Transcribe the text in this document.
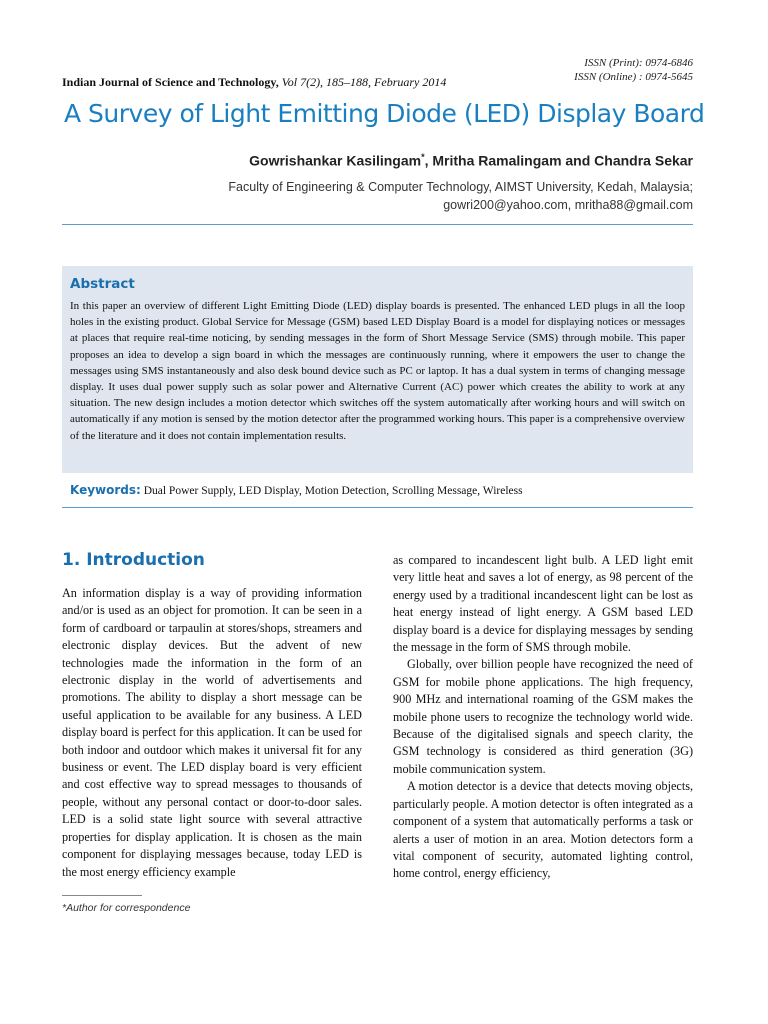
ISSN (Print): 0974-6846
ISSN (Online) : 0974-5645
Indian Journal of Science and Technology, Vol 7(2), 185–188, February 2014
A Survey of Light Emitting Diode (LED) Display Board
Gowrishankar Kasilingam*, Mritha Ramalingam and Chandra Sekar
Faculty of Engineering & Computer Technology, AIMST University, Kedah, Malaysia;
gowri200@yahoo.com, mritha88@gmail.com
Abstract

In this paper an overview of different Light Emitting Diode (LED) display boards is presented. The enhanced LED plugs in all the loop holes in the existing product. Global Service for Message (GSM) based LED Display Board is a model for displaying notices or messages at places that require real-time noticing, by sending messages in the form of Short Message Service (SMS) through mobile. This paper proposes an idea to develop a sign board in which the messages are continuously running, where it empowers the user to change the messages using SMS instantaneously and also desk bound device such as PC or laptop. It has a dual system in terms of changing message display. It uses dual power supply such as solar power and Alternative Current (AC) power which creates the ability to work at any situation. The new design includes a motion detector which switches off the system automatically after working hours and will switch on automatically if any motion is sensed by the motion detector after the programmed working hours. This paper is a comprehensive overview of the literature and it does not contain implementation results.

Keywords: Dual Power Supply, LED Display, Motion Detection, Scrolling Message, Wireless
1. Introduction

An information display is a way of providing information and/or is used as an object for promotion. It can be seen in a form of cardboard or tarpaulin at stores/shops, streamers and electronic display devices. But the advent of new technologies made the information in the form of an electronic display in the world of advertisements and promotions. The ability to display a short message can be useful application to be available for any business. A LED display board is perfect for this application. It can be used for both indoor and outdoor which makes it universal fit for any business or event. The LED display board is very efficient and cost effective way to spread messages to thousands of people, without any personal contact or door-to-door sales. LED is a solid state light source with several attractive properties for display application. It is chosen as the main component for displaying messages because, today LED is the most energy efficiency example

as compared to incandescent light bulb. A LED light emit very little heat and saves a lot of energy, as 98 percent of the energy used by a traditional incandescent light can be lost as heat energy instead of light energy. A GSM based LED display board is a device for displaying messages by sending the message in the form of SMS through mobile.

Globally, over billion people have recognized the need of GSM for mobile phone applications. The high frequency, 900 MHz and international roaming of the GSM makes the mobile phone users to recognize the technology world wide. Because of the digitalised signals and speech clarity, the GSM technology is considered as third generation (3G) mobile communication system.

A motion detector is a device that detects moving objects, particularly people. A motion detector is often integrated as a component of a system that automatically performs a task or alerts a user of motion in an area. Motion detectors form a vital component of security, automated lighting control, home control, energy efficiency,

*Author for correspondence
